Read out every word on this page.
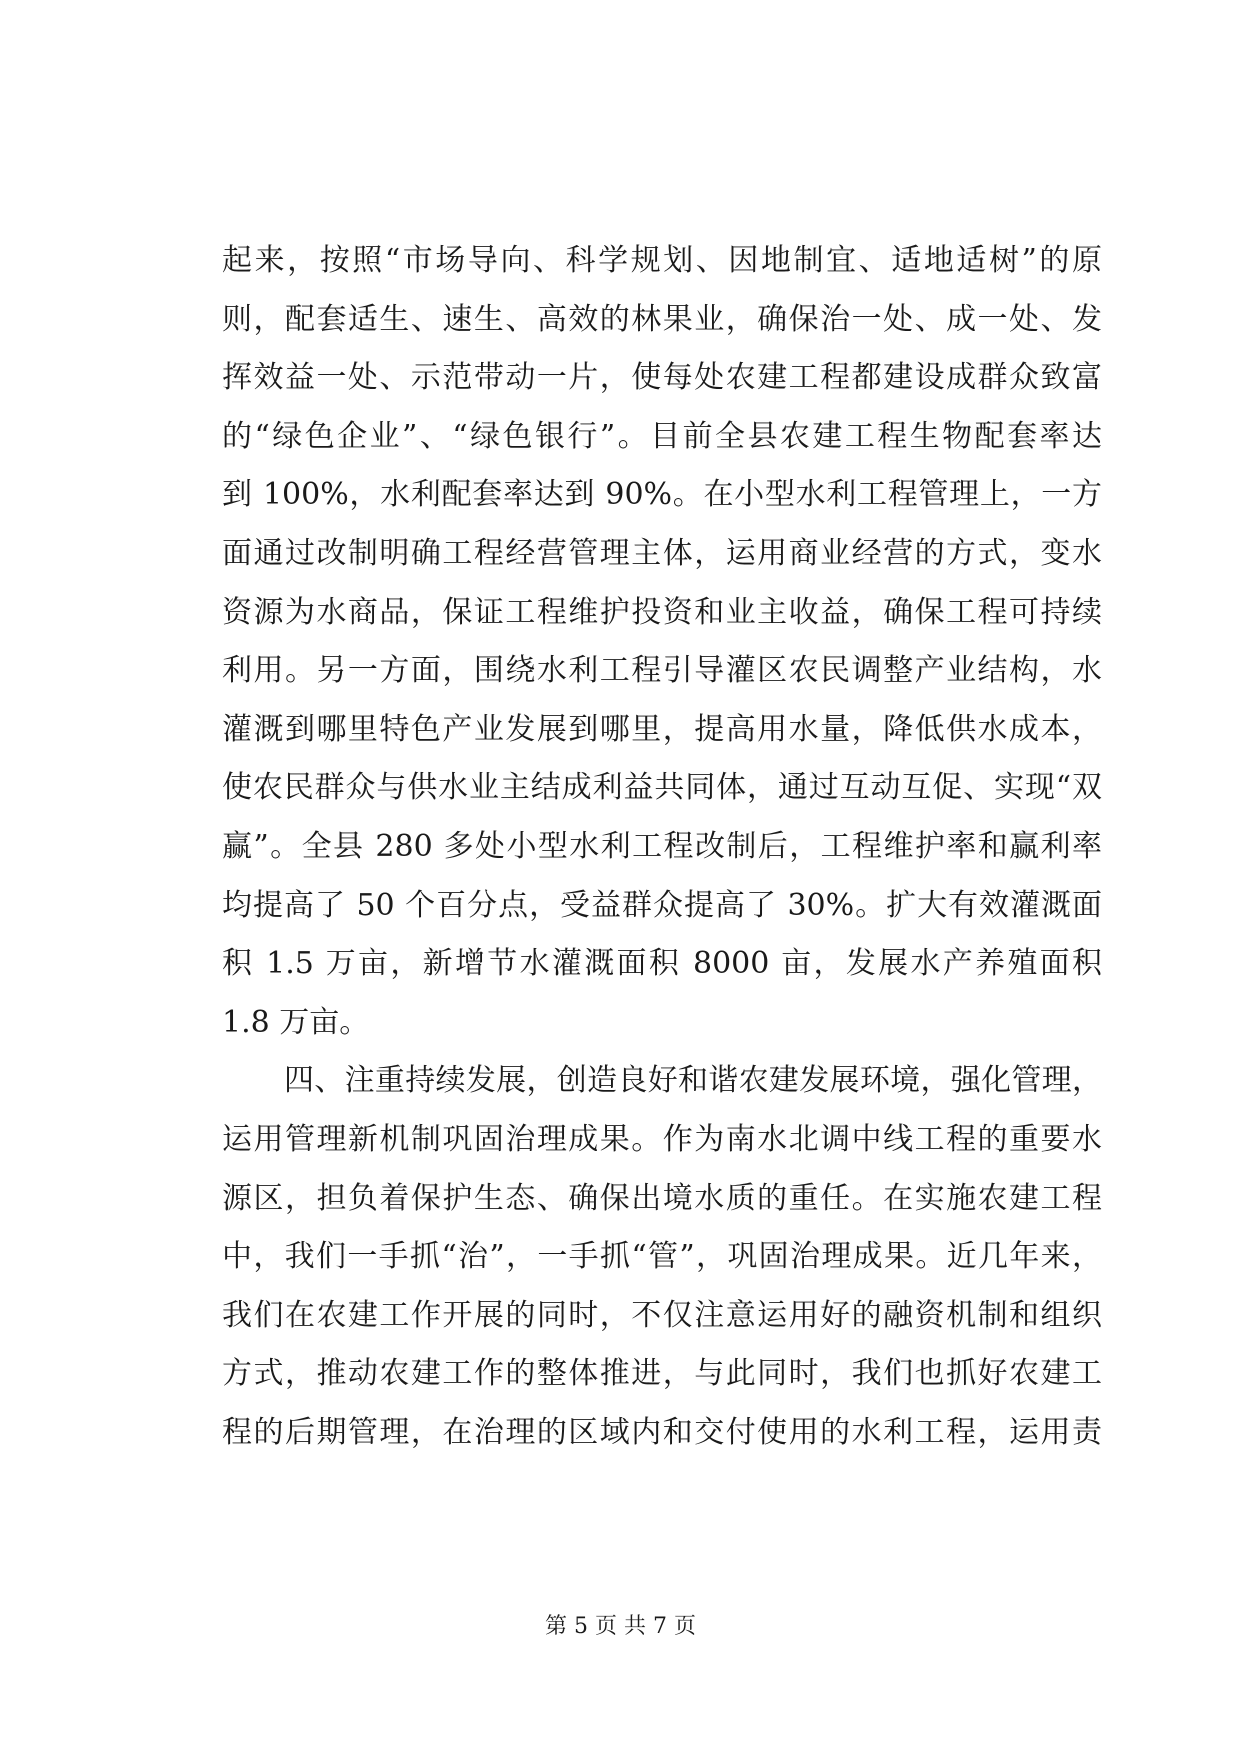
起来，按照“市场导向、科学规划、因地制宜、适地适树”的原
则，配套适生、速生、高效的林果业，确保治一处、成一处、发
挥效益一处、示范带动一片，使每处农建工程都建设成群众致富
的“绿色企业”、“绿色银行”。目前全县农建工程生物配套率达
到 100%，水利配套率达到 90%。在小型水利工程管理上，一方
面通过改制明确工程经营管理主体，运用商业经营的方式，变水
资源为水商品，保证工程维护投资和业主收益，确保工程可持续
利用。另一方面，围绕水利工程引导灌区农民调整产业结构，水
灌溉到哪里特色产业发展到哪里，提高用水量，降低供水成本，
使农民群众与供水业主结成利益共同体，通过互动互促、实现“双
赢”。全县 280 多处小型水利工程改制后，工程维护率和赢利率
均提高了 50 个百分点，受益群众提高了 30%。扩大有效灌溉面
积 1.5 万亩，新增节水灌溉面积 8000 亩，发展水产养殖面积
1.8 万亩。
四、注重持续发展，创造良好和谐农建发展环境，强化管理，
运用管理新机制巩固治理成果。作为南水北调中线工程的重要水
源区，担负着保护生态、确保出境水质的重任。在实施农建工程
中，我们一手抓“治”，一手抓“管”，巩固治理成果。近几年来，
我们在农建工作开展的同时，不仅注意运用好的融资机制和组织
方式，推动农建工作的整体推进，与此同时，我们也抓好农建工
程的后期管理，在治理的区域内和交付使用的水利工程，运用责
第 5 页 共 7 页
